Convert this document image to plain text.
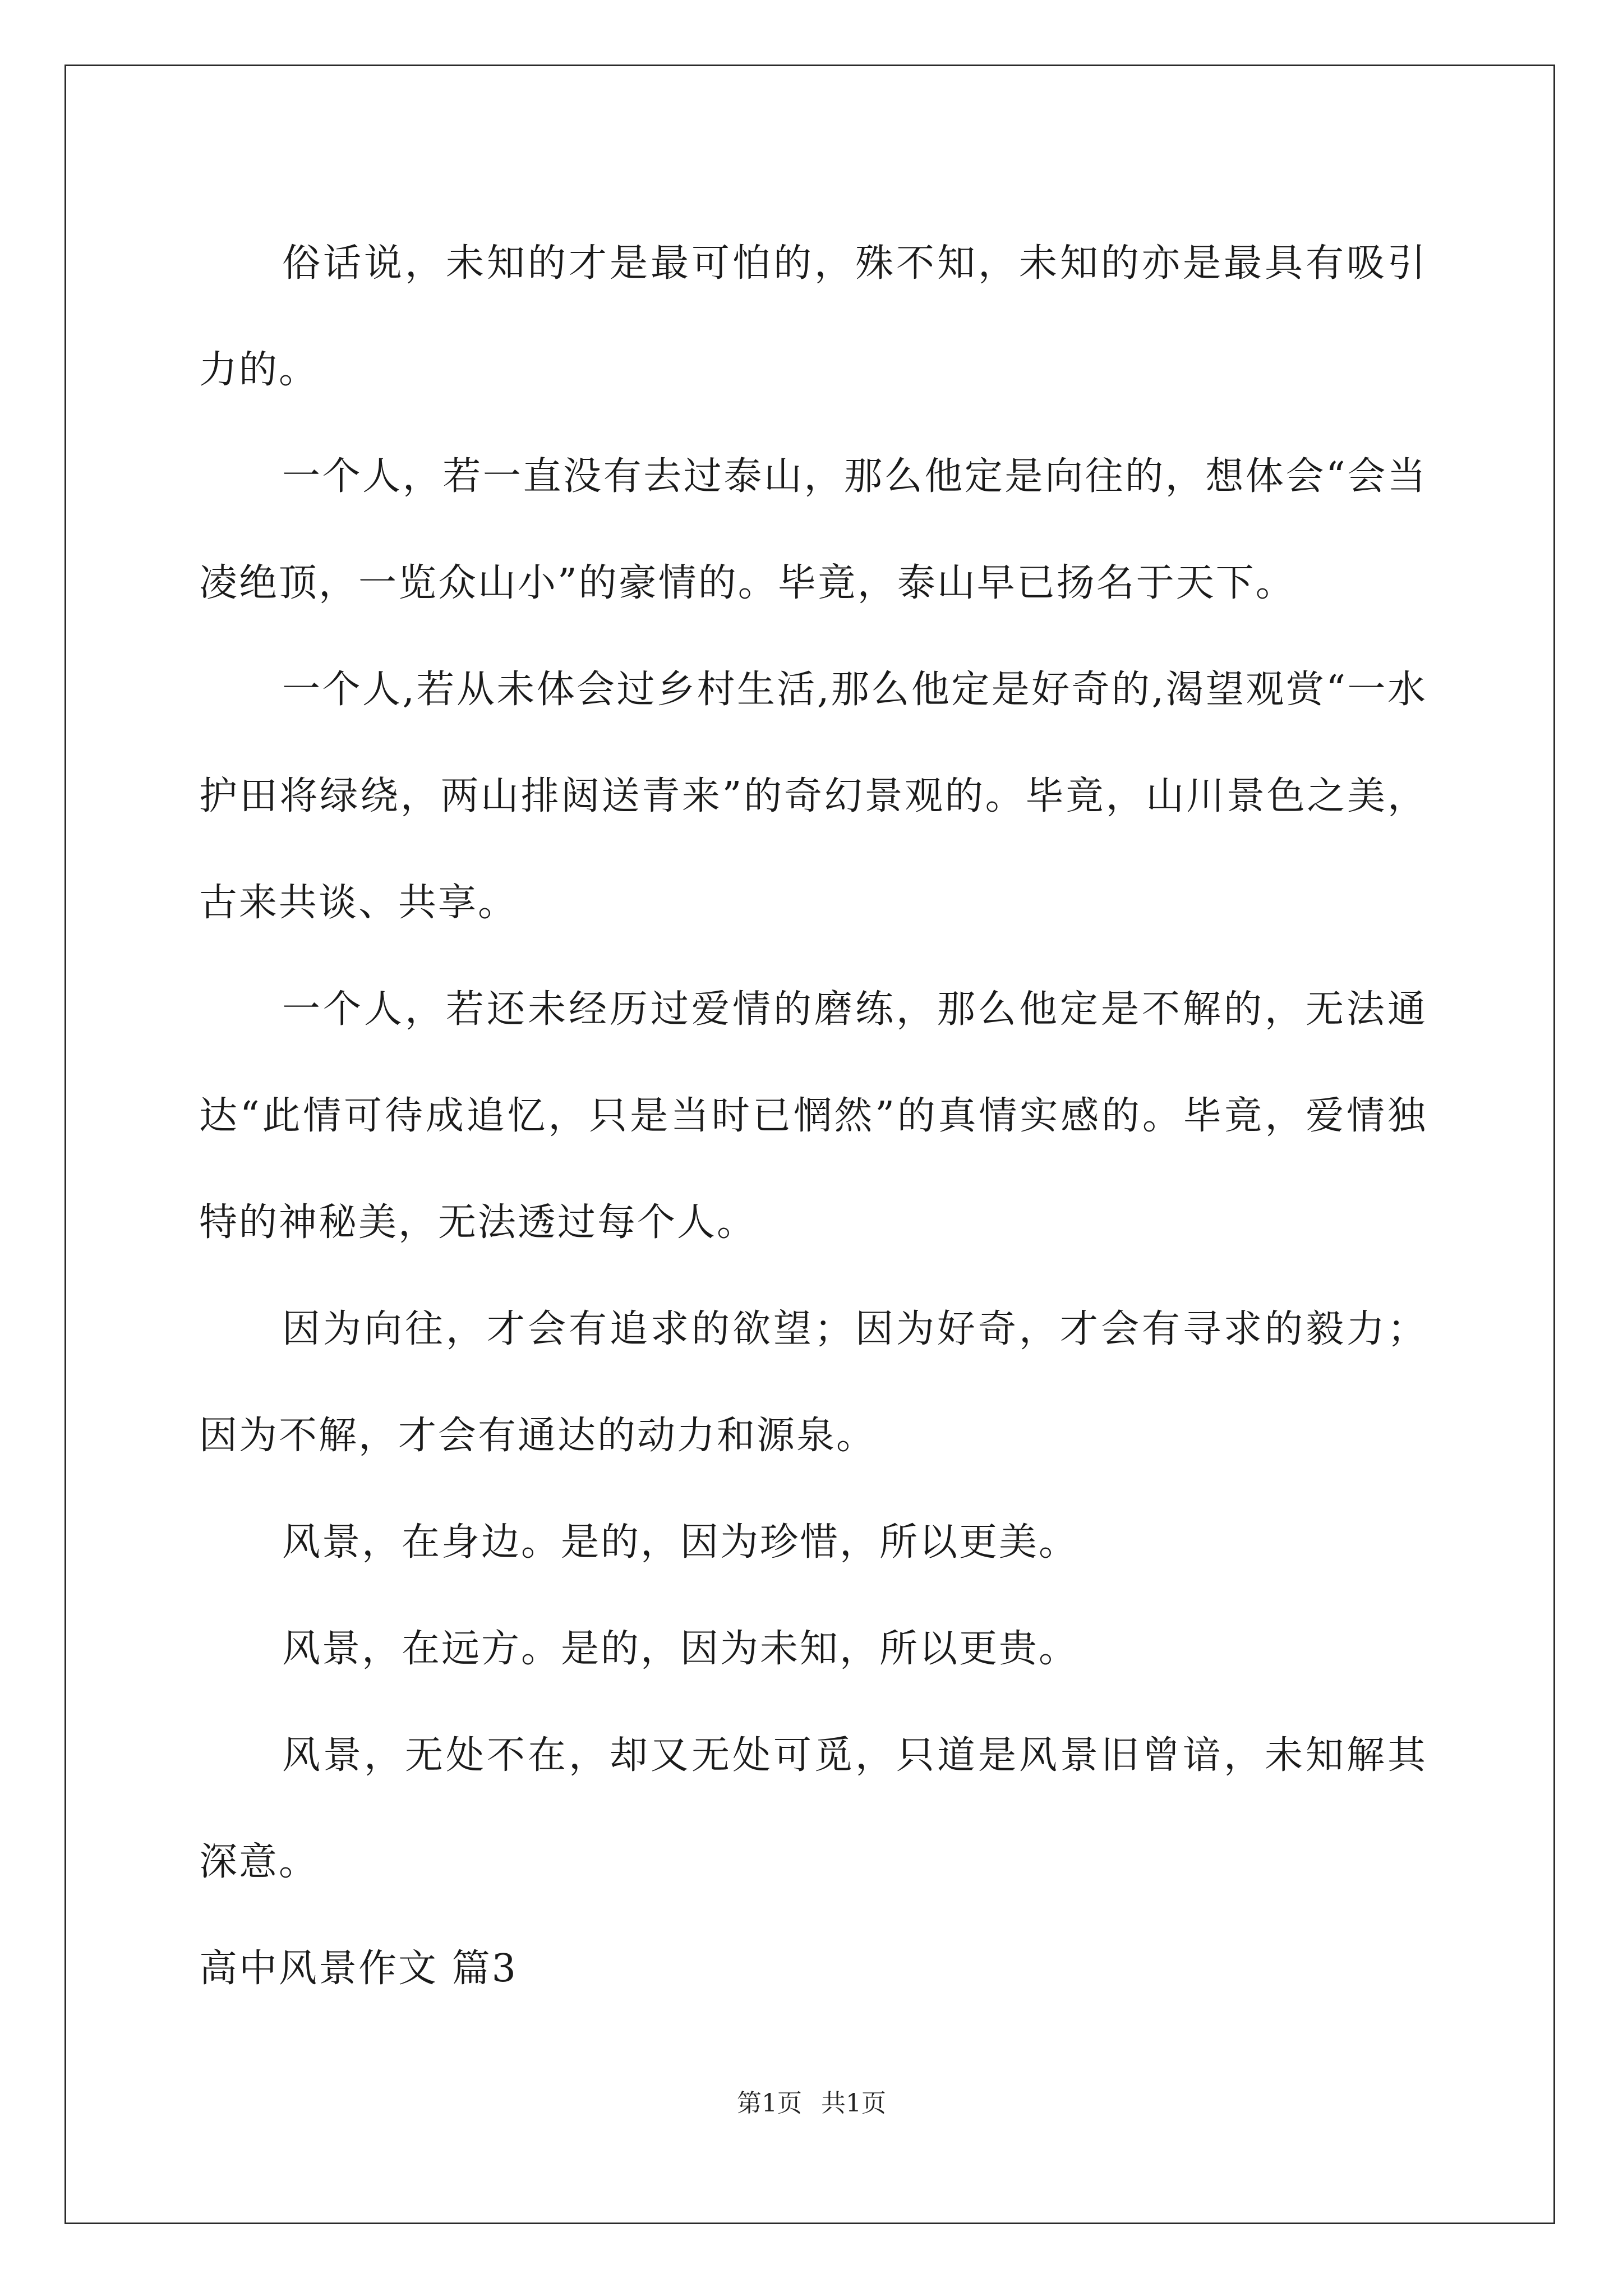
俗话说，未知的才是最可怕的，殊不知，未知的亦是最具有吸引力的。

一个人，若一直没有去过泰山，那么他定是向往的，想体会“会当凌绝顶，一览众山小”的豪情的。毕竟，泰山早已扬名于天下。

一个人,若从未体会过乡村生活,那么他定是好奇的,渴望观赏“一水护田将绿绕，两山排闼送青来”的奇幻景观的。毕竟，山川景色之美，古来共谈、共享。

一个人，若还未经历过爱情的磨练，那么他定是不解的，无法通达“此情可待成追忆，只是当时已惘然”的真情实感的。毕竟，爱情独特的神秘美，无法透过每个人。

因为向往，才会有追求的欲望；因为好奇，才会有寻求的毅力；因为不解，才会有通达的动力和源泉。

风景，在身边。是的，因为珍惜，所以更美。

风景，在远方。是的，因为未知，所以更贵。

风景，无处不在，却又无处可觅，只道是风景旧曾谙，未知解其深意。

高中风景作文 篇3

第1页 共1页
